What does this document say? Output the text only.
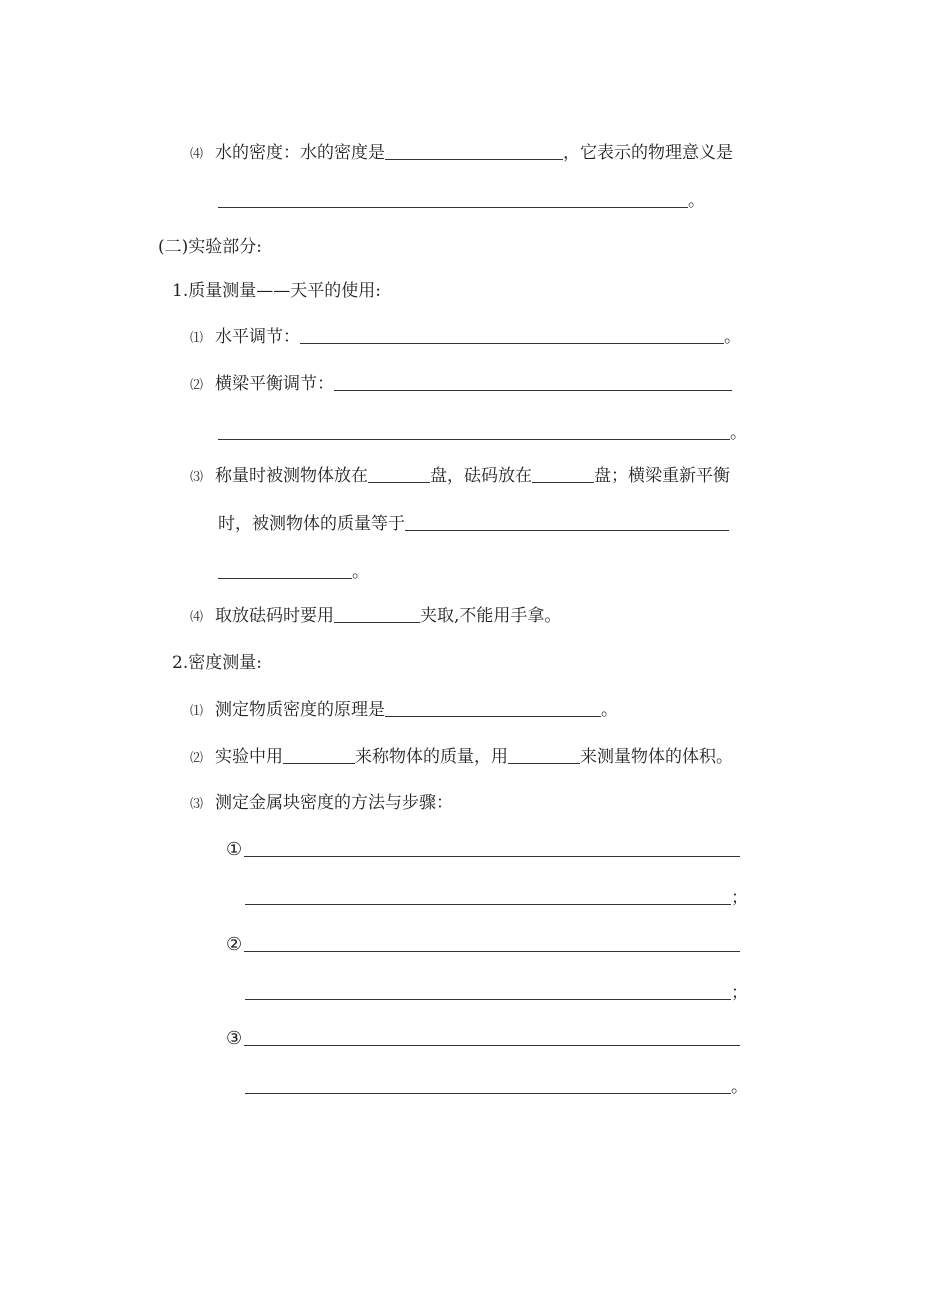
⑷ 水的密度：水的密度是	，它表示的物理意义是
。
(二)实验部分:
1.质量测量——天平的使用:
⑴ 水平调节：	。
⑵ 横梁平衡调节：
。
⑶ 称量时被测物体放在	盘，砝码放在	盘；横梁重新平衡
时，被测物体的质量等于
。
⑷ 取放砝码时要用	夹取,不能用手拿。
2.密度测量:
⑴ 测定物质密度的原理是	。
⑵ 实验中用	来称物体的质量，用	来测量物体的体积。
⑶ 测定金属块密度的方法与步骤：
①
；
②
；
③
。
